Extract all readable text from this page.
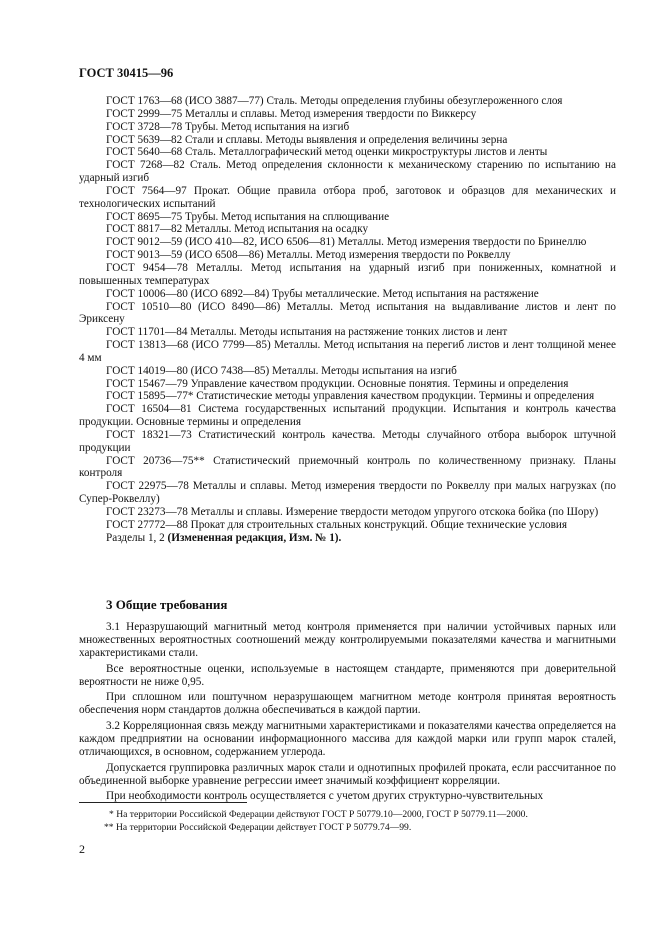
ГОСТ 30415—96

ГОСТ 1763—68 (ИСО 3887—77) Сталь. Методы определения глубины обезуглероженного слоя

ГОСТ 2999—75 Металлы и сплавы. Метод измерения твердости по Виккерсу

ГОСТ 3728—78 Трубы. Метод испытания на изгиб

ГОСТ 5639—82 Стали и сплавы. Методы выявления и определения величины зерна

ГОСТ 5640—68 Сталь. Металлографический метод оценки микроструктуры листов и ленты

ГОСТ 7268—82 Сталь. Метод определения склонности к механическому старению по испытанию на ударный изгиб

ГОСТ 7564—97 Прокат. Общие правила отбора проб, заготовок и образцов для механических и технологических испытаний

ГОСТ 8695—75 Трубы. Метод испытания на сплющивание

ГОСТ 8817—82 Металлы. Метод испытания на осадку

ГОСТ 9012—59 (ИСО 410—82, ИСО 6506—81) Металлы. Метод измерения твердости по Бринеллю

ГОСТ 9013—59 (ИСО 6508—86) Металлы. Метод измерения твердости по Роквеллу

ГОСТ 9454—78 Металлы. Метод испытания на ударный изгиб при пониженных, комнатной и повышенных температурах

ГОСТ 10006—80 (ИСО 6892—84) Трубы металлические. Метод испытания на растяжение

ГОСТ 10510—80 (ИСО 8490—86) Металлы. Метод испытания на выдавливание листов и лент по Эриксену

ГОСТ 11701—84 Металлы. Методы испытания на растяжение тонких листов и лент

ГОСТ 13813—68 (ИСО 7799—85) Металлы. Метод испытания на перегиб листов и лент толщиной менее 4 мм

ГОСТ 14019—80 (ИСО 7438—85) Металлы. Методы испытания на изгиб

ГОСТ 15467—79 Управление качеством продукции. Основные понятия. Термины и определения

ГОСТ 15895—77* Статистические методы управления качеством продукции. Термины и определения

ГОСТ 16504—81 Система государственных испытаний продукции. Испытания и контроль качества продукции. Основные термины и определения

ГОСТ 18321—73 Статистический контроль качества. Методы случайного отбора выборок штучной продукции

ГОСТ 20736—75** Статистический приемочный контроль по количественному признаку. Планы контроля

ГОСТ 22975—78 Металлы и сплавы. Метод измерения твердости по Роквеллу при малых нагрузках (по Супер-Роквеллу)

ГОСТ 23273—78 Металлы и сплавы. Измерение твердости методом упругого отскока бойка (по Шору)

ГОСТ 27772—88 Прокат для строительных стальных конструкций. Общие технические условия

Разделы 1, 2 (Измененная редакция, Изм. № 1).

3 Общие требования

3.1 Неразрушающий магнитный метод контроля применяется при наличии устойчивых парных или множественных вероятностных соотношений между контролируемыми показателями качества и магнитными характеристиками стали.

Все вероятностные оценки, используемые в настоящем стандарте, применяются при доверительной вероятности не ниже 0,95.

При сплошном или поштучном неразрушающем магнитном методе контроля принятая вероятность обеспечения норм стандартов должна обеспечиваться в каждой партии.

3.2 Корреляционная связь между магнитными характеристиками и показателями качества определяется на каждом предприятии на основании информационного массива для каждой марки или групп марок сталей, отличающихся, в основном, содержанием углерода.

Допускается группировка различных марок стали и однотипных профилей проката, если рассчитанное по объединенной выборке уравнение регрессии имеет значимый коэффициент корреляции.

При необходимости контроль осуществляется с учетом других структурно-чувствительных

* На территории Российской Федерации действуют ГОСТ Р 50779.10—2000, ГОСТ Р 50779.11—2000.

** На территории Российской Федерации действует ГОСТ Р 50779.74—99.

2
